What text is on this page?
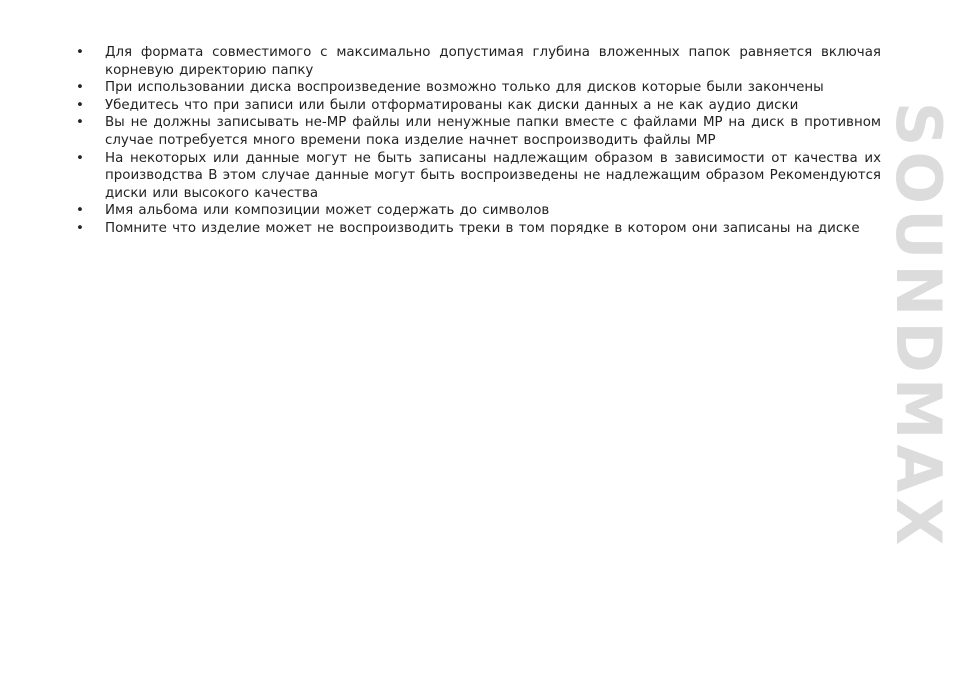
• Для формата совместимого с максимально допустимая глубина вложенных папок равняется включая корневую директорию папку
• При использовании диска воспроизведение возможно только для дисков которые были закончены
• Убедитесь что при записи или были отформатированы как диски данных а не как аудио диски
• Вы не должны записывать не-MP файлы или ненужные папки вместе с файлами MP на диск в противном случае потребуется много времени пока изделие начнет воспроизводить файлы MP
• На некоторых или данные могут не быть записаны надлежащим образом в зависимости от качества их производства В этом случае данные могут быть воспроизведены не надлежащим образом Рекомендуются диски или высокого качества
• Имя альбома или композиции может содержать до символов
• Помните что изделие может не воспроизводить треки в том порядке в котором они записаны на диске SOUNDMAX
